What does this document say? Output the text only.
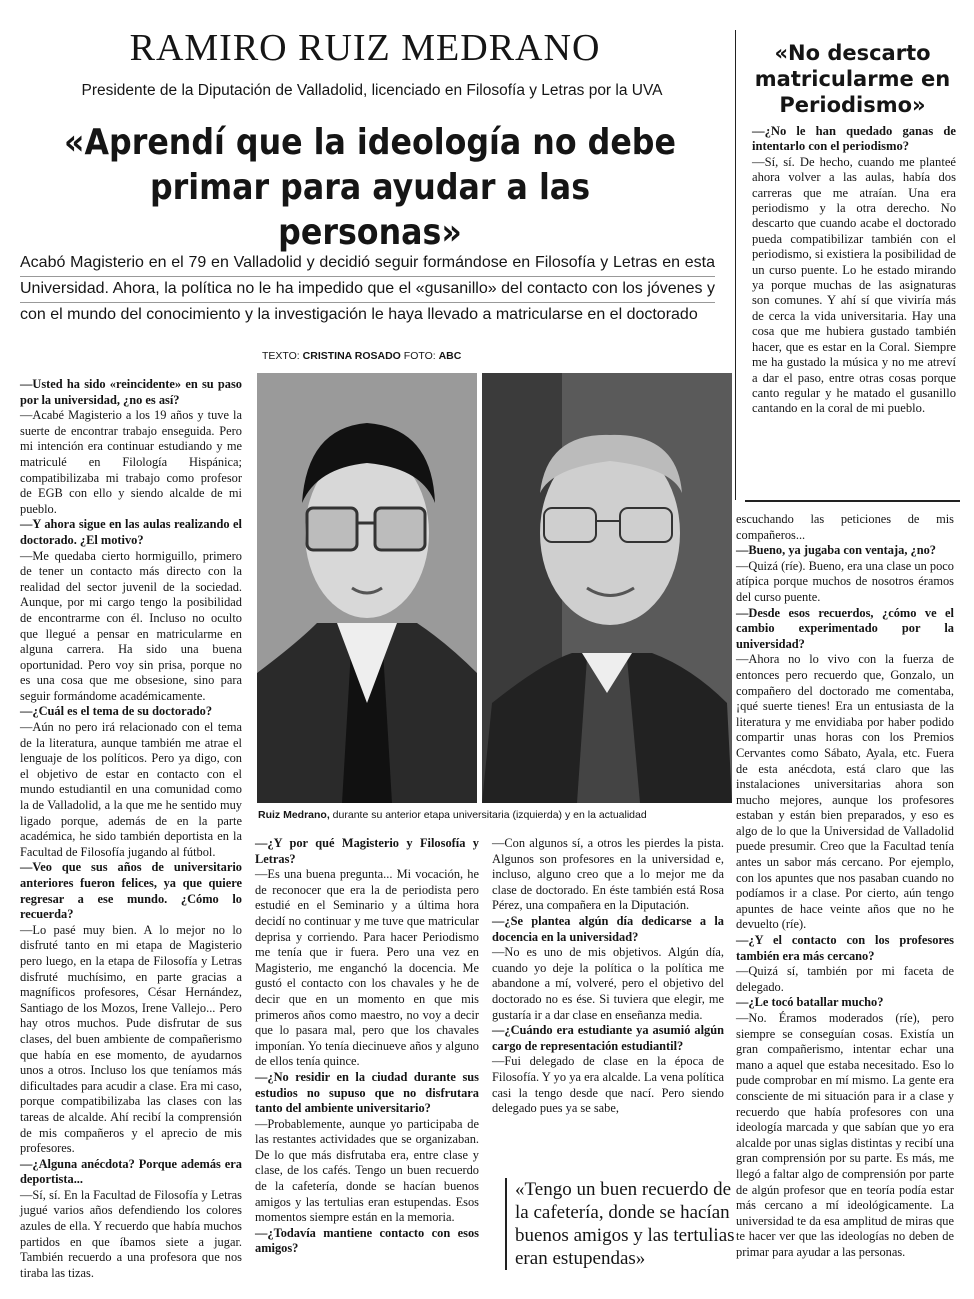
RAMIRO RUIZ MEDRANO
Presidente de la Diputación de Valladolid, licenciado en Filosofía y Letras por la UVA
«Aprendí que la ideología no debe primar para ayudar a las personas»
Acabó Magisterio en el 79 en Valladolid y decidió seguir formándose en Filosofía y Letras en esta Universidad. Ahora, la política no le ha impedido que el «gusanillo» del contacto con los jóvenes y con el mundo del conocimiento y la investigación le haya llevado a matricularse en el doctorado
TEXTO: CRISTINA ROSADO FOTO: ABC
«No descarto matricularme en Periodismo»

—¿No le han quedado ganas de intentarlo con el periodismo?

—Sí, sí. De hecho, cuando me planteé ahora volver a las aulas, había dos carreras que me atraían. Una era periodismo y la otra derecho. No descarto que cuando acabe el doctorado pueda compatibilizar también con el periodismo, si existiera la posibilidad de un curso puente. Lo he estado mirando ya porque muchas de las asignaturas son comunes. Y ahí sí que viviría más de cerca la vida universitaria. Hay una cosa que me hubiera gustado también hacer, que es estar en la Coral. Siempre me ha gustado la música y no me atreví a dar el paso, entre otras cosas porque canto regular y he matado el gusanillo cantando en la coral de mi pueblo.

Ruiz Medrano, durante su anterior etapa universitaria (izquierda) y en la actualidad

—Usted ha sido «reincidente» en su paso por la universidad, ¿no es así?

—Acabé Magisterio a los 19 años y tuve la suerte de encontrar trabajo enseguida. Pero mi intención era continuar estudiando y me matriculé en Filología Hispánica; compatibilizaba mi trabajo como profesor de EGB con ello y siendo alcalde de mi pueblo.

—Y ahora sigue en las aulas realizando el doctorado. ¿El motivo?

—Me quedaba cierto hormiguillo, primero de tener un contacto más directo con la realidad del sector juvenil de la sociedad. Aunque, por mi cargo tengo la posibilidad de encontrarme con él. Incluso no oculto que llegué a pensar en matricularme en alguna carrera. Ha sido una buena oportunidad. Pero voy sin prisa, porque no es una cosa que me obsesione, sino para seguir formándome académicamente.

—¿Cuál es el tema de su doctorado?

—Aún no pero irá relacionado con el tema de la literatura, aunque también me atrae el lenguaje de los políticos. Pero ya digo, con el objetivo de estar en contacto con el mundo estudiantil en una comunidad como la de Valladolid, a la que me he sentido muy ligado porque, además de en la parte académica, he sido también deportista en la Facultad de Filosofía jugando al fútbol.

—Veo que sus años de universitario anteriores fueron felices, ya que quiere regresar a ese mundo. ¿Cómo lo recuerda?

—Lo pasé muy bien. A lo mejor no lo disfruté tanto en mi etapa de Magisterio pero luego, en la etapa de Filosofía y Letras disfruté muchísimo, en parte gracias a magníficos profesores, César Hernández, Santiago de los Mozos, Irene Vallejo... Pero hay otros muchos. Pude disfrutar de sus clases, del buen ambiente de compañerismo que había en ese momento, de ayudarnos unos a otros. Incluso los que teníamos más dificultades para acudir a clase. Era mi caso, porque compatibilizaba las clases con las tareas de alcalde. Ahí recibí la comprensión de mis compañeros y el aprecio de mis profesores.

—¿Alguna anécdota? Porque además era deportista...

—Sí, sí. En la Facultad de Filosofía y Letras jugué varios años defendiendo los colores azules de ella. Y recuerdo que había muchos partidos en que íbamos siete a jugar. También recuerdo a una profesora que nos tiraba las tizas.

—¿Y por qué Magisterio y Filosofía y Letras?

—Es una buena pregunta... Mi vocación, he de reconocer que era la de periodista pero estudié en el Seminario y a última hora decidí no continuar y me tuve que matricular deprisa y corriendo. Para hacer Periodismo me tenía que ir fuera. Pero una vez en Magisterio, me enganchó la docencia. Me gustó el contacto con los chavales y he de decir que en un momento en que mis primeros años como maestro, no voy a decir que lo pasara mal, pero que los chavales imponían. Yo tenía diecinueve años y alguno de ellos tenía quince.

—¿No residir en la ciudad durante sus estudios no supuso que no disfrutara tanto del ambiente universitario?

—Probablemente, aunque yo participaba de las restantes actividades que se organizaban. De lo que más disfrutaba era, entre clase y clase, de los cafés. Tengo un buen recuerdo de la cafetería, donde se hacían buenos amigos y las tertulias eran estupendas. Esos momentos siempre están en la memoria.

—¿Todavía mantiene contacto con esos amigos?

—Con algunos sí, a otros les pierdes la pista. Algunos son profesores en la universidad e, incluso, alguno creo que a lo mejor me da clase de doctorado. En éste también está Rosa Pérez, una compañera en la Diputación.

—¿Se plantea algún día dedicarse a la docencia en la universidad?

—No es uno de mis objetivos. Algún día, cuando yo deje la política o la política me abandone a mí, volveré, pero el objetivo del doctorado no es ése. Si tuviera que elegir, me gustaría ir a dar clase en enseñanza media.

—¿Cuándo era estudiante ya asumió algún cargo de representación estudiantil?

—Fui delegado de clase en la época de Filosofía. Y yo ya era alcalde. La vena política casi la tengo desde que nací. Pero siendo delegado pues ya se sabe,

escuchando las peticiones de mis compañeros...

—Bueno, ya jugaba con ventaja, ¿no?

—Quizá (ríe). Bueno, era una clase un poco atípica porque muchos de nosotros éramos del curso puente.

—Desde esos recuerdos, ¿cómo ve el cambio experimentado por la universidad?

—Ahora no lo vivo con la fuerza de entonces pero recuerdo que, Gonzalo, un compañero del doctorado me comentaba, ¡qué suerte tienes! Era un entusiasta de la literatura y me envidiaba por haber podido compartir unas horas con los Premios Cervantes como Sábato, Ayala, etc. Fuera de esta anécdota, está claro que las instalaciones universitarias ahora son mucho mejores, aunque los profesores estaban y están bien preparados, y eso es algo de lo que la Universidad de Valladolid puede presumir. Creo que la Facultad tenía antes un sabor más cercano. Por ejemplo, con los apuntes que nos pasaban cuando no podíamos ir a clase. Por cierto, aún tengo apuntes de hace veinte años que no he devuelto (ríe).

—¿Y el contacto con los profesores también era más cercano?

—Quizá sí, también por mi faceta de delegado.

—¿Le tocó batallar mucho?

—No. Éramos moderados (ríe), pero siempre se conseguían cosas. Existía un gran compañerismo, intentar echar una mano a aquel que estaba necesitado. Eso lo pude comprobar en mí mismo. La gente era consciente de mi situación para ir a clase y recuerdo que había profesores con una ideología marcada y que sabían que yo era alcalde por unas siglas distintas y recibí una gran comprensión por su parte. Es más, me llegó a faltar algo de comprensión por parte de algún profesor que en teoría podía estar más cercano a mí ideológicamente. La universidad te da esa amplitud de miras que te hacer ver que las ideologías no deben de primar para ayudar a las personas.

«Tengo un buen recuerdo de la cafetería, donde se hacían buenos amigos y las tertulias eran estupendas»
